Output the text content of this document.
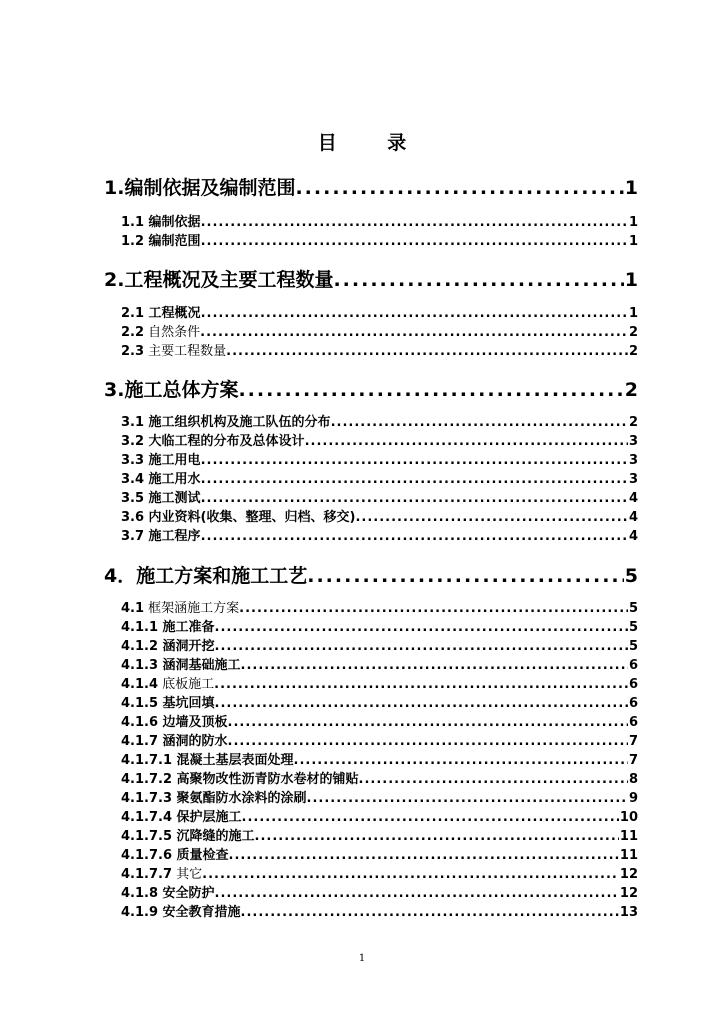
目 录
1.编制依据及编制范围 .....	1
1.1 编制依据 .....	1
1.2 编制范围 .....	1
2.工程概况及主要工程数量 .....	1
2.1 工程概况 .....	1
2.2 自然条件 .....	2
2.3 主要工程数量 .....	2
3.施工总体方案 .....	2
3.1 施工组织机构及施工队伍的分布 .....	2
3.2 大临工程的分布及总体设计 .....	3
3.3 施工用电 .....	3
3.4 施工用水 .....	3
3.5 施工测试 .....	4
3.6 内业资料(收集、整理、归档、移交) .....	4
3.7 施工程序 .....	4
4．施工方案和施工工艺 .....	5
4.1 框架涵施工方案 .....	5
4.1.1 施工准备 .....	5
4.1.2 涵洞开挖 .....	5
4.1.3 涵洞基础施工 .....	6
4.1.4 底板施工 .....	6
4.1.5 基坑回填 .....	6
4.1.6 边墙及顶板 .....	6
4.1.7 涵洞的防水 .....	7
4.1.7.1 混凝土基层表面处理 .....	7
4.1.7.2 高聚物改性沥青防水卷材的铺贴 .....	8
4.1.7.3 聚氨酯防水涂料的涂刷 .....	9
4.1.7.4 保护层施工 .....	10
4.1.7.5 沉降缝的施工 .....	11
4.1.7.6 质量检查 .....	11
4.1.7.7 其它 .....	12
4.1.8 安全防护 .....	12
4.1.9 安全教育措施 .....	13
1
